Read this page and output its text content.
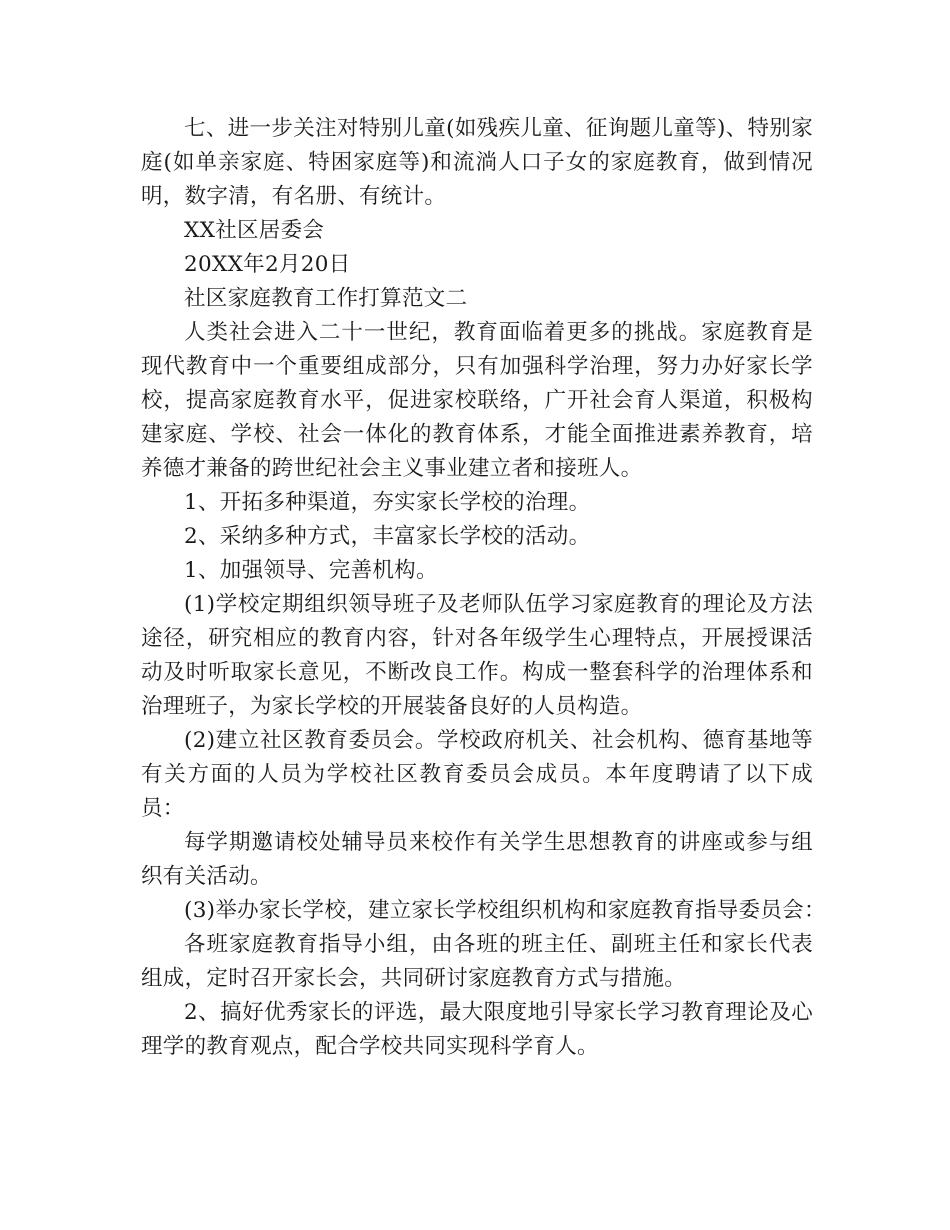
七、进一步关注对特别儿童(如残疾儿童、征询题儿童等)、特别家庭(如单亲家庭、特困家庭等)和流淌人口子女的家庭教育，做到情况明，数字清，有名册、有统计。

XX社区居委会

20XX年2月20日

社区家庭教育工作打算范文二

人类社会进入二十一世纪，教育面临着更多的挑战。家庭教育是现代教育中一个重要组成部分，只有加强科学治理，努力办好家长学校，提高家庭教育水平，促进家校联络，广开社会育人渠道，积极构建家庭、学校、社会一体化的教育体系，才能全面推进素养教育，培养德才兼备的跨世纪社会主义事业建立者和接班人。

1、开拓多种渠道，夯实家长学校的治理。

2、采纳多种方式，丰富家长学校的活动。

1、加强领导、完善机构。

(1)学校定期组织领导班子及老师队伍学习家庭教育的理论及方法途径，研究相应的教育内容，针对各年级学生心理特点，开展授课活动及时听取家长意见，不断改良工作。构成一整套科学的治理体系和治理班子，为家长学校的开展装备良好的人员构造。

(2)建立社区教育委员会。学校政府机关、社会机构、德育基地等有关方面的人员为学校社区教育委员会成员。本年度聘请了以下成员：

每学期邀请校处辅导员来校作有关学生思想教育的讲座或参与组织有关活动。

(3)举办家长学校，建立家长学校组织机构和家庭教育指导委员会：

各班家庭教育指导小组，由各班的班主任、副班主任和家长代表组成，定时召开家长会，共同研讨家庭教育方式与措施。

2、搞好优秀家长的评选，最大限度地引导家长学习教育理论及心理学的教育观点，配合学校共同实现科学育人。
